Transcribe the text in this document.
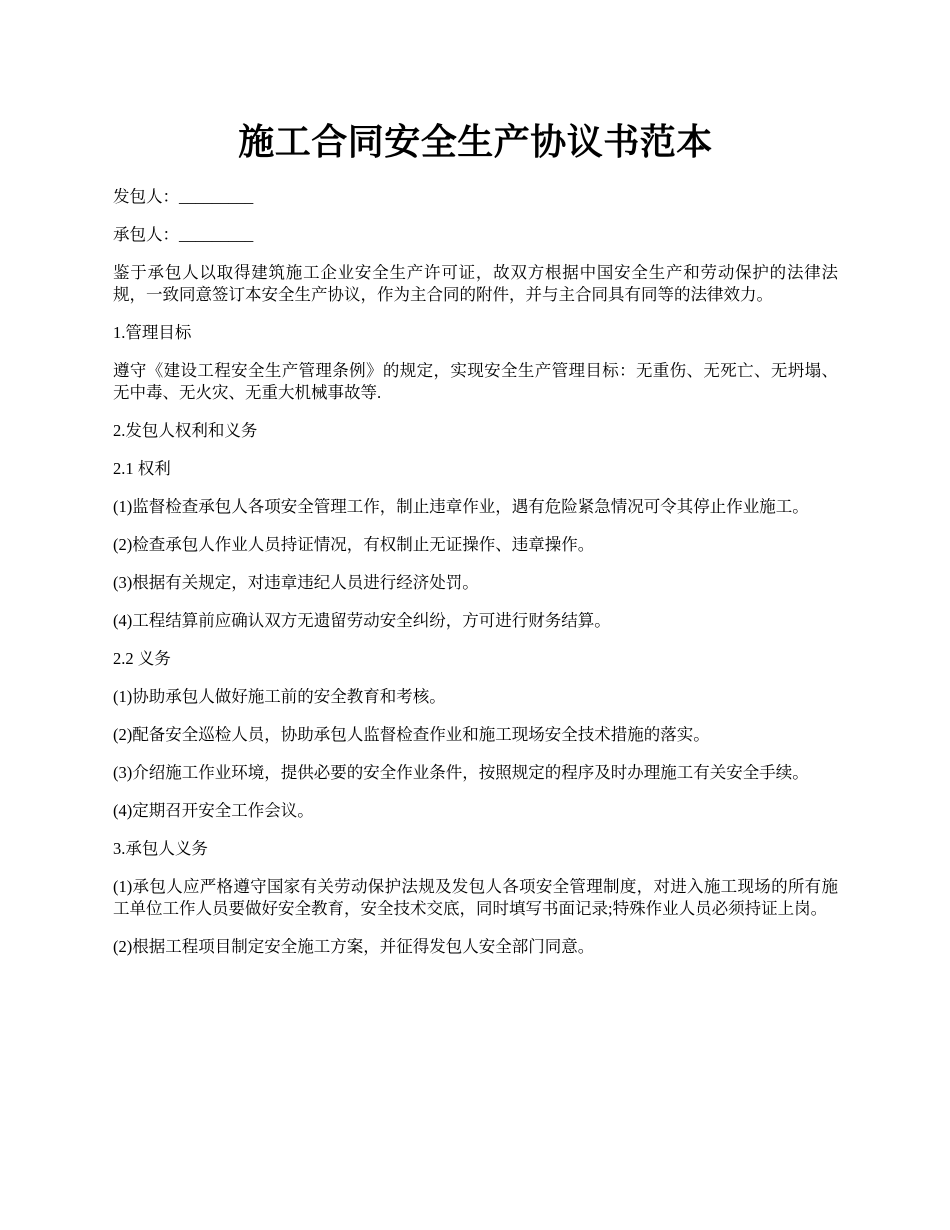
施工合同安全生产协议书范本

发包人：_________

承包人：_________

鉴于承包人以取得建筑施工企业安全生产许可证，故双方根据中国安全生产和劳动保护的法律法规，一致同意签订本安全生产协议，作为主合同的附件，并与主合同具有同等的法律效力。

1.管理目标

遵守《建设工程安全生产管理条例》的规定，实现安全生产管理目标：无重伤、无死亡、无坍塌、无中毒、无火灾、无重大机械事故等.

2.发包人权利和义务

2.1 权利

(1)监督检查承包人各项安全管理工作，制止违章作业，遇有危险紧急情况可令其停止作业施工。

(2)检查承包人作业人员持证情况，有权制止无证操作、违章操作。

(3)根据有关规定，对违章违纪人员进行经济处罚。

(4)工程结算前应确认双方无遗留劳动安全纠纷，方可进行财务结算。

2.2 义务

(1)协助承包人做好施工前的安全教育和考核。

(2)配备安全巡检人员，协助承包人监督检查作业和施工现场安全技术措施的落实。

(3)介绍施工作业环境，提供必要的安全作业条件，按照规定的程序及时办理施工有关安全手续。

(4)定期召开安全工作会议。

3.承包人义务

(1)承包人应严格遵守国家有关劳动保护法规及发包人各项安全管理制度，对进入施工现场的所有施工单位工作人员要做好安全教育，安全技术交底，同时填写书面记录;特殊作业人员必须持证上岗。

(2)根据工程项目制定安全施工方案，并征得发包人安全部门同意。
